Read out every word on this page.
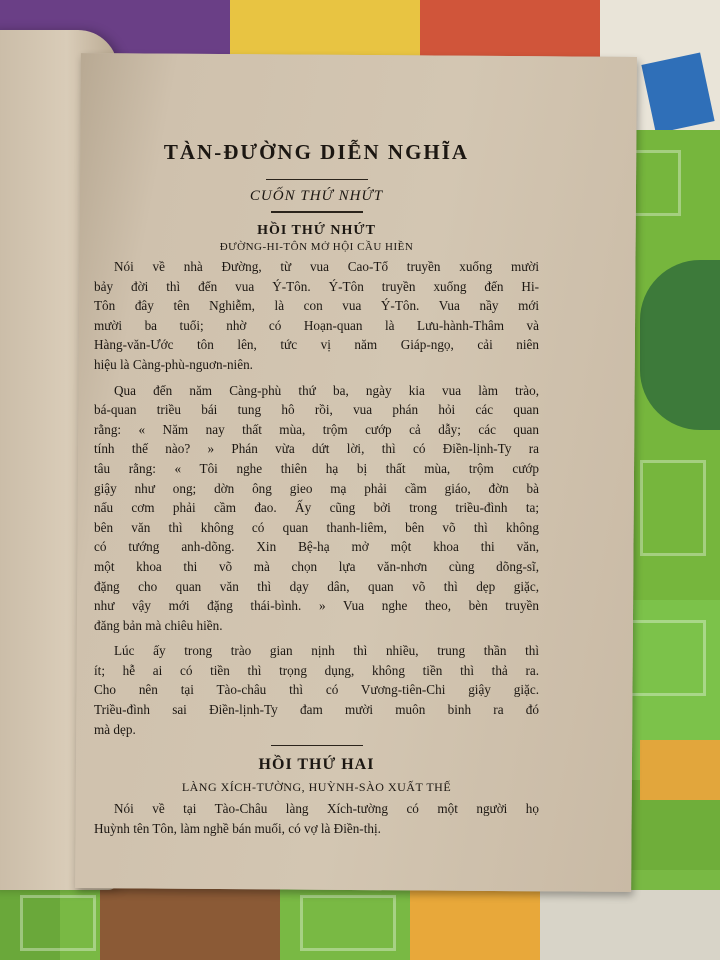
TÀN-ĐƯỜNG DIỄN NGHĨA
CUỐN THỨ NHỨT
HỒI THỨ NHỨT
ĐƯỜNG-HI-TÔN MỞ HỘI CẦU HIỀN
Nói về nhà Đường, từ vua Cao-Tổ truyền xuống mười
bảy đời thì đến vua Ý-Tôn. Ý-Tôn truyền xuống đến Hi-
Tôn đây tên Nghiễm, là con vua Ý-Tôn. Vua nầy mới
mười ba tuổi; nhờ có Hoạn-quan là Lưu-hành-Thâm và
Hàng-văn-Ước tôn lên, tức vị năm Giáp-ngọ, cải niên
hiệu là Càng-phù-nguơn-niên.
Qua đến năm Càng-phù thứ ba, ngày kia vua làm trào,
bá-quan triều bái tung hô rồi, vua phán hỏi các quan
rằng: « Năm nay thất mùa, trộm cướp cả dẫy; các quan
tính thế nào? » Phán vừa dứt lời, thì có Điền-lịnh-Ty ra
tâu rằng: « Tôi nghe thiên hạ bị thất mùa, trộm cướp
giậy như ong; dờn ông gieo mạ phải cầm giáo, đờn bà
nấu cơm phải cầm đao. Ấy cũng bởi trong triều-đình ta;
bên văn thì không có quan thanh-liêm, bên võ thì không
có tướng anh-dõng. Xin Bệ-hạ mở một khoa thi văn,
một khoa thi võ mà chọn lựa văn-nhơn cùng dõng-sĩ,
đặng cho quan văn thì dạy dân, quan võ thì dẹp giặc,
như vậy mới đặng thái-bình. » Vua nghe theo, bèn truyền
đăng bản mà chiêu hiền.
Lúc ấy trong trào gian nịnh thì nhiều, trung thần thì
ít; hễ ai có tiền thì trọng dụng, không tiền thì thả ra.
Cho nên tại Tào-châu thì có Vương-tiên-Chi giậy giặc.
Triều-đình sai Điền-lịnh-Ty đam mười muôn binh ra đó
mà dẹp.
HỒI THỨ HAI
LÀNG XÍCH-TƯỜNG, HUỲNH-SÀO XUẤT THẾ
Nói về tại Tào-Châu làng Xích-tường có một người họ
Huỳnh tên Tôn, làm nghề bán muối, có vợ là Điền-thị.
